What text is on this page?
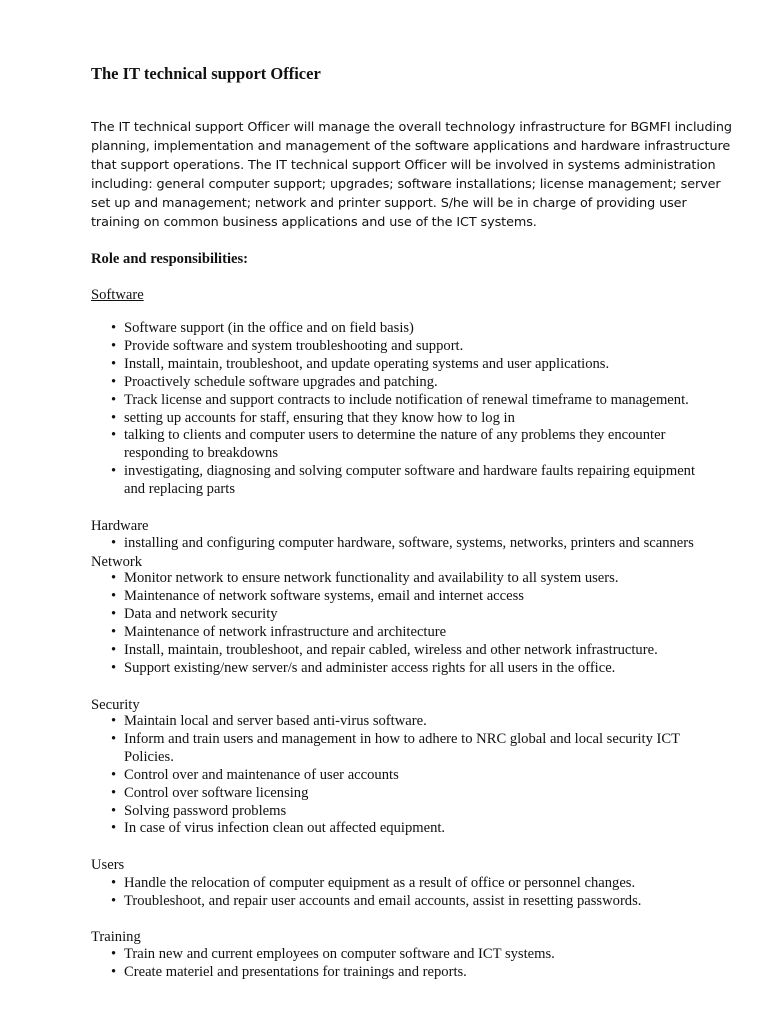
The IT technical support Officer

The IT technical support Officer will manage the overall technology infrastructure for BGMFI including
planning, implementation and management of the software applications and hardware infrastructure
that support operations. The IT technical support Officer will be involved in systems administration
including: general computer support; upgrades; software installations; license management; server
set up and management; network and printer support. S/he will be in charge of providing user
training on common business applications and use of the ICT systems.

Role and responsibilities:
Software
• Software support (in the office and on field basis)
• Provide software and system troubleshooting and support.
• Install, maintain, troubleshoot, and update operating systems and user applications.
• Proactively schedule software upgrades and patching.
• Track license and support contracts to include notification of renewal timeframe to management.
• setting up accounts for staff, ensuring that they know how to log in
• talking to clients and computer users to determine the nature of any problems they encounter
responding to breakdowns
• investigating, diagnosing and solving computer software and hardware faults repairing equipment
and replacing parts
Hardware
• installing and configuring computer hardware, software, systems, networks, printers and scanners
Network
• Monitor network to ensure network functionality and availability to all system users.
• Maintenance of network software systems, email and internet access
• Data and network security
• Maintenance of network infrastructure and architecture
• Install, maintain, troubleshoot, and repair cabled, wireless and other network infrastructure.
• Support existing/new server/s and administer access rights for all users in the office.
Security
• Maintain local and server based anti-virus software.
• Inform and train users and management in how to adhere to NRC global and local security ICT
Policies.
• Control over and maintenance of user accounts
• Control over software licensing
• Solving password problems
• In case of virus infection clean out affected equipment.
Users
• Handle the relocation of computer equipment as a result of office or personnel changes.
• Troubleshoot, and repair user accounts and email accounts, assist in resetting passwords.
Training
• Train new and current employees on computer software and ICT systems.
• Create materiel and presentations for trainings and reports.
